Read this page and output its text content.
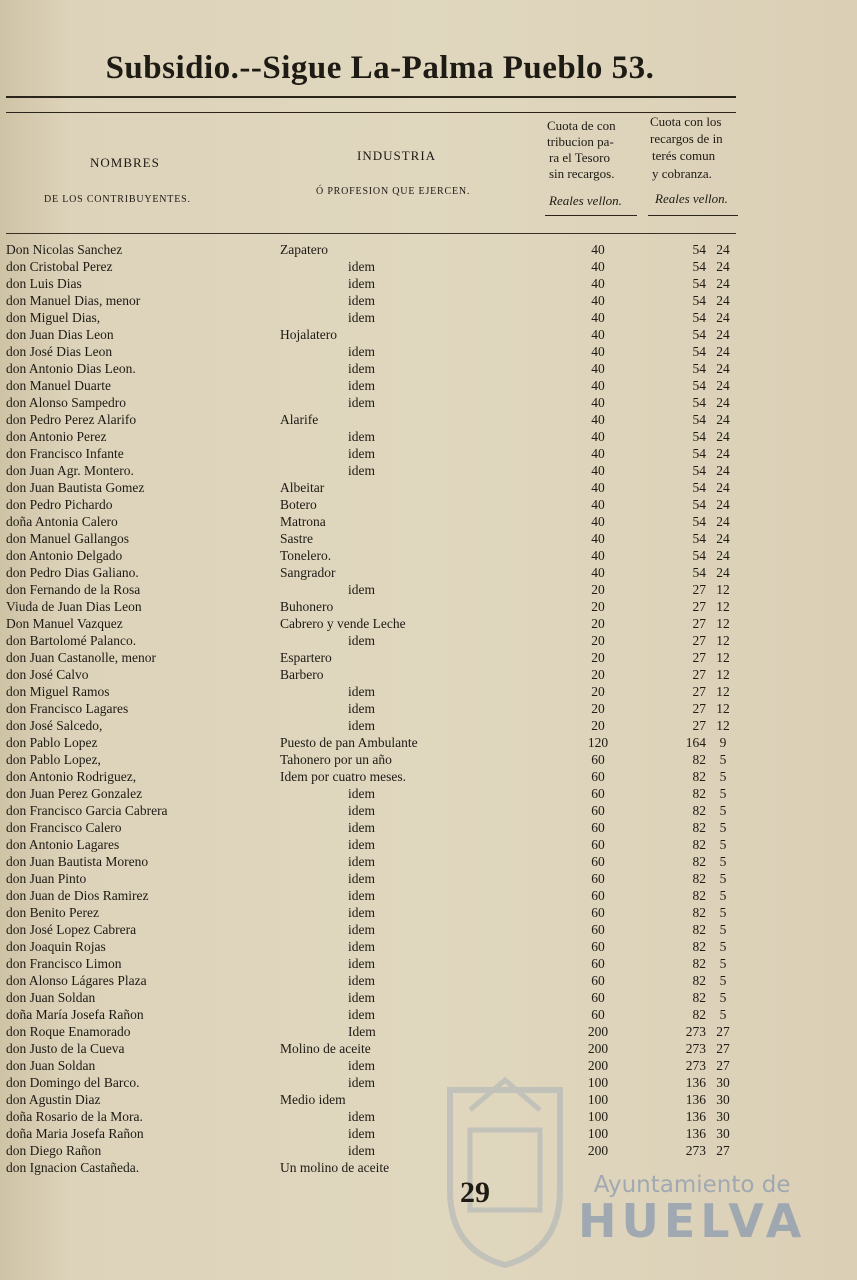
Subsidio.--Sigue La-Palma Pueblo 53.
NOMBRES
DE LOS CONTRIBUYENTES.
INDUSTRIA
Ó PROFESION QUE EJERCEN.
Cuota de con
tribucion pa-
ra el Tesoro
sin recargos.
Reales vellon.
Cuota con los
recargos de in
terés comun
y cobranza.
Reales vellon.
Don Nicolas Sanchez	Zapatero	40	54 24
don Cristobal Perez	idem	40	54 24
don Luis Dias	idem	40	54 24
don Manuel Dias, menor	idem	40	54 24
don Miguel Dias,	idem	40	54 24
don Juan Dias Leon	Hojalatero	40	54 24
don José Dias Leon	idem	40	54 24
don Antonio Dias Leon.	idem	40	54 24
don Manuel Duarte	idem	40	54 24
don Alonso Sampedro	idem	40	54 24
don Pedro Perez Alarifo	Alarife	40	54 24
don Antonio Perez	idem	40	54 24
don Francisco Infante	idem	40	54 24
don Juan Agr. Montero.	idem	40	54 24
don Juan Bautista Gomez	Albeitar	40	54 24
don Pedro Pichardo	Botero	40	54 24
doña Antonia Calero	Matrona	40	54 24
don Manuel Gallangos	Sastre	40	54 24
don Antonio Delgado	Tonelero.	40	54 24
don Pedro Dias Galiano.	Sangrador	40	54 24
don Fernando de la Rosa	idem	20	27 12
Viuda de Juan Dias Leon	Buhonero	20	27 12
Don Manuel Vazquez	Cabrero y vende Leche	20	27 12
don Bartolomé Palanco.	idem	20	27 12
don Juan Castanolle, menor	Espartero	20	27 12
don José Calvo	Barbero	20	27 12
don Miguel Ramos	idem	20	27 12
don Francisco Lagares	idem	20	27 12
don José Salcedo,	idem	20	27 12
don Pablo Lopez	Puesto de pan Ambulante	120	164	9
don Pablo Lopez,	Tahonero por un año	60	82	5
don Antonio Rodriguez,	Idem por cuatro meses.	60	82	5
don Juan Perez Gonzalez	idem	60	82	5
don Francisco Garcia Cabrera	idem	60	82	5
don Francisco Calero	idem	60	82	5
don Antonio Lagares	idem	60	82	5
don Juan Bautista Moreno	idem	60	82	5
don Juan Pinto	idem	60	82	5
don Juan de Dios Ramirez	idem	60	82	5
don Benito Perez	idem	60	82	5
don José Lopez Cabrera	idem	60	82	5
don Joaquin Rojas	idem	60	82	5
don Francisco Limon	idem	60	82	5
don Alonso Lágares Plaza	idem	60	82	5
don Juan Soldan	idem	60	82	5
doña María Josefa Rañon	idem	60	82	5
don Roque Enamorado	Idem	200	273 27
don Justo de la Cueva	Molino de aceite	200	273 27
don Juan Soldan	idem	200	273 27
don Domingo del Barco.	idem	100	136 30
don Agustin Diaz	Medio idem	100	136 30
doña Rosario de la Mora.	idem	100	136 30
doña Maria Josefa Rañon	idem	100	136 30
don Diego Rañon	idem	200	273 27
don Ignacion Castañeda.	Un molino de aceite
29	Ayuntamiento de
HUELVA
